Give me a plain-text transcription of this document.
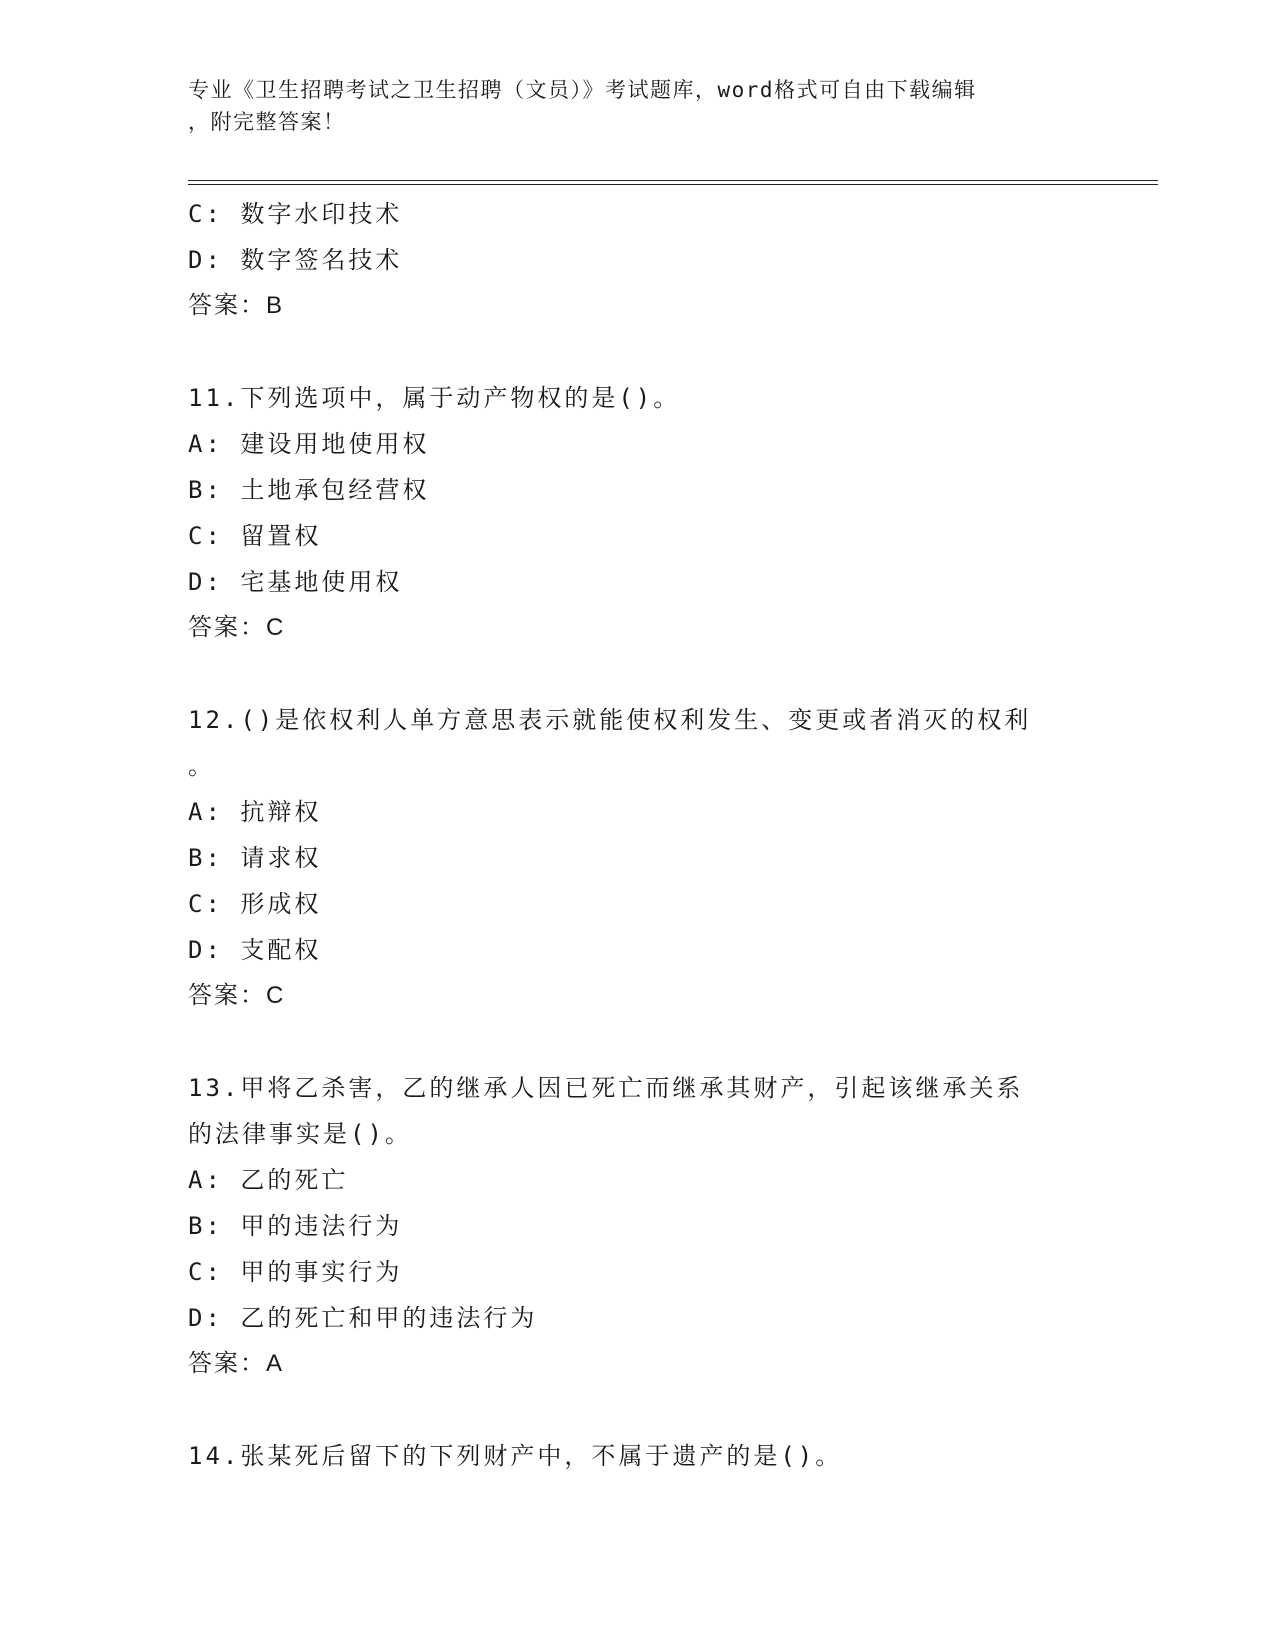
专业《卫生招聘考试之卫生招聘（文员）》考试题库，word格式可自由下载编辑
，附完整答案！
C: 数字水印技术
D: 数字签名技术
答案：B
11.下列选项中，属于动产物权的是()。
A: 建设用地使用权
B: 土地承包经营权
C: 留置权
D: 宅基地使用权
答案：C
12.()是依权利人单方意思表示就能使权利发生、变更或者消灭的权利
。
A: 抗辩权
B: 请求权
C: 形成权
D: 支配权
答案：C
13.甲将乙杀害，乙的继承人因已死亡而继承其财产，引起该继承关系
的法律事实是()。
A: 乙的死亡
B: 甲的违法行为
C: 甲的事实行为
D: 乙的死亡和甲的违法行为
答案：A
14.张某死后留下的下列财产中，不属于遗产的是()。
